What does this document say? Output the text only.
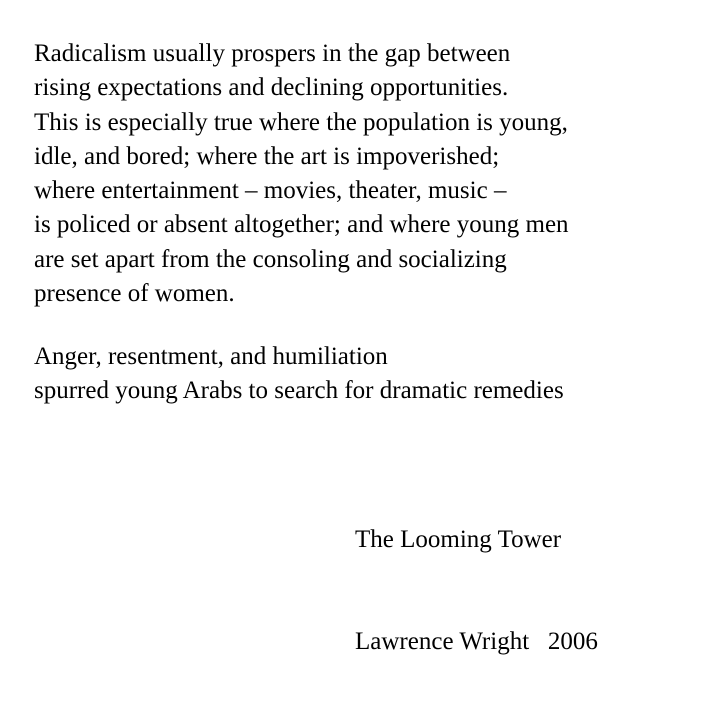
Radicalism usually prospers in the gap between
rising expectations and declining opportunities.
This is especially true where the population is young,
idle, and bored; where the art is impoverished;
where entertainment – movies, theater, music –
is policed or absent altogether; and where young men
are set apart from the consoling and socializing
presence of women.

Anger, resentment, and humiliation
spurred young Arabs to search for dramatic remedies

The Looming Tower

Lawrence Wright   2006
